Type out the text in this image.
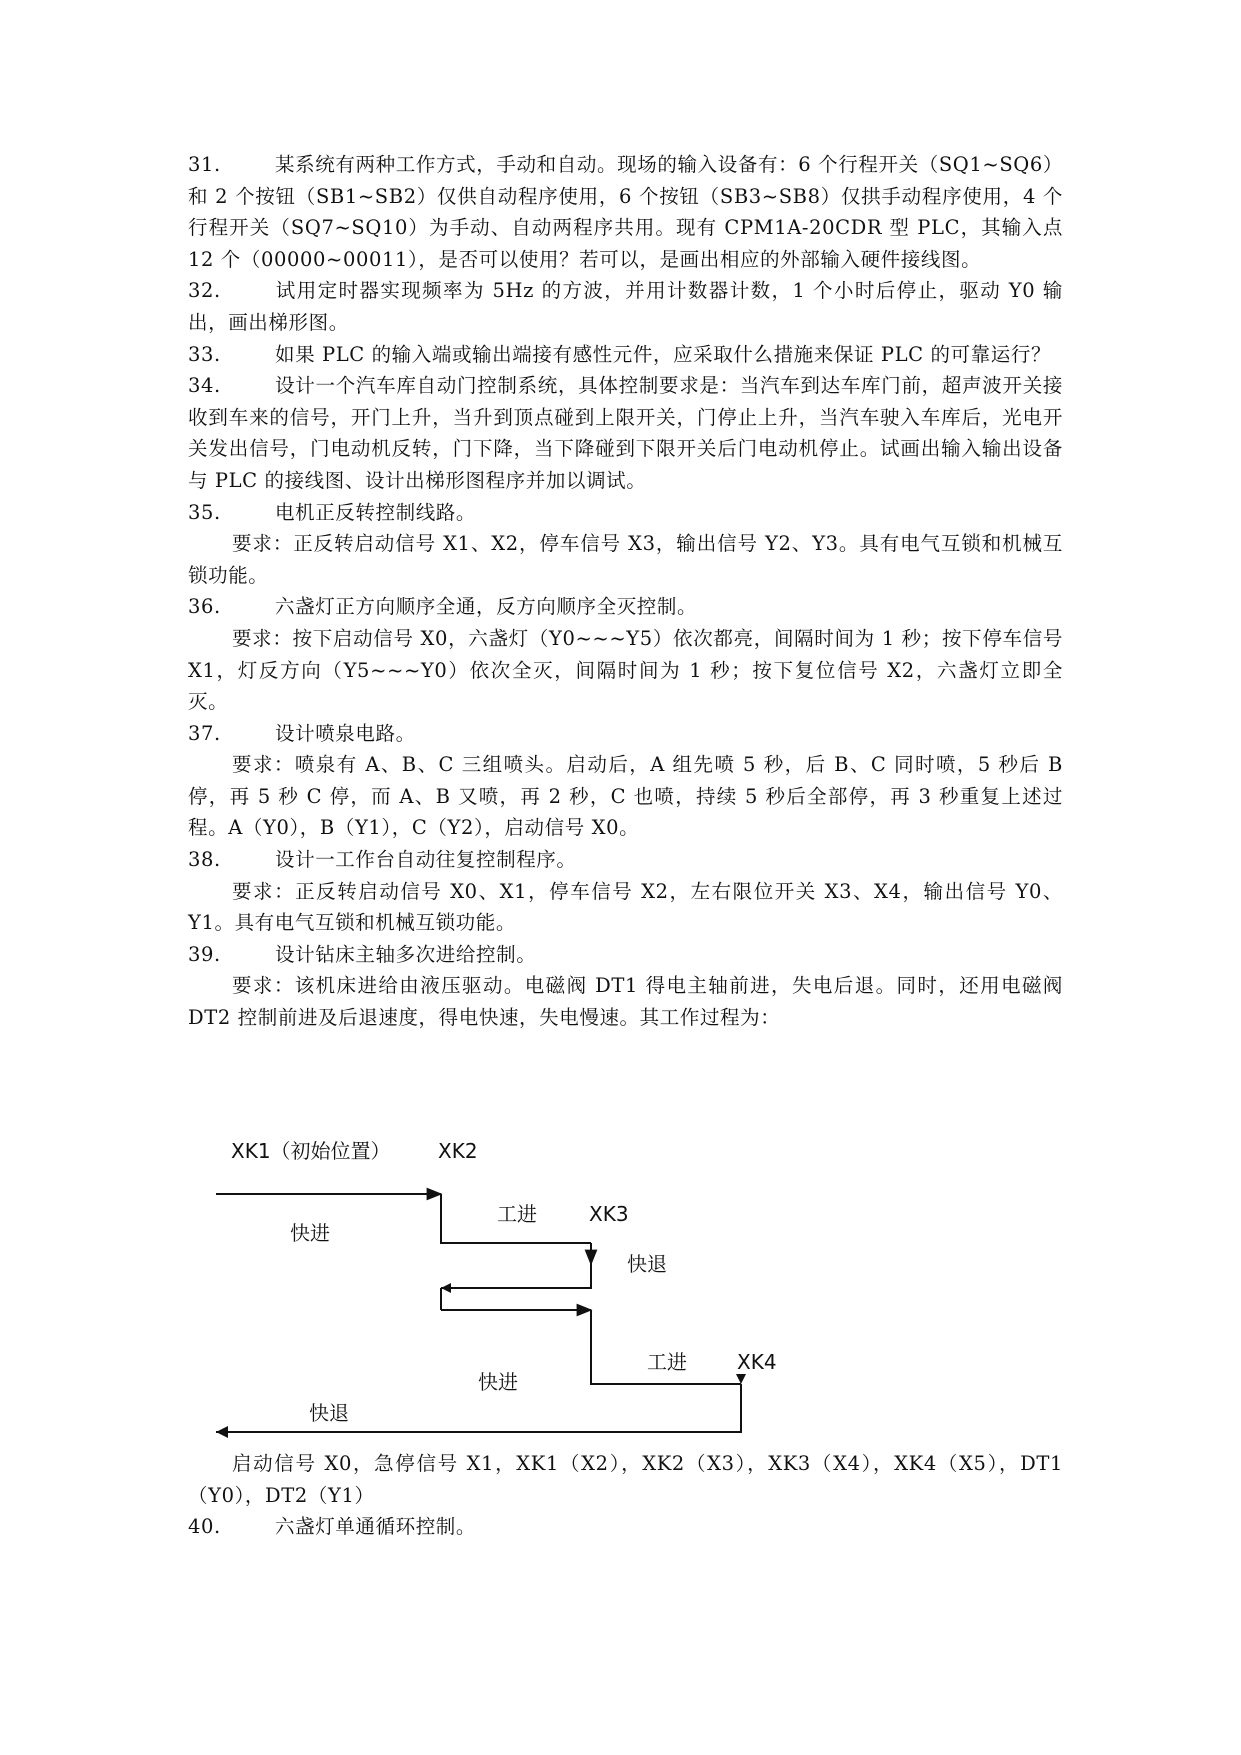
31.	某系统有两种工作方式，手动和自动。现场的输入设备有：6 个行程开关（SQ1~SQ6）和 2 个按钮（SB1~SB2）仅供自动程序使用，6 个按钮（SB3~SB8）仅拱手动程序使用，4 个行程开关（SQ7~SQ10）为手动、自动两程序共用。现有 CPM1A-20CDR 型 PLC，其输入点 12 个（00000~00011），是否可以使用？若可以，是画出相应的外部输入硬件接线图。

32.	试用定时器实现频率为 5Hz 的方波，并用计数器计数，1 个小时后停止，驱动 Y0 输出，画出梯形图。

33.	如果 PLC 的输入端或输出端接有感性元件，应采取什么措施来保证 PLC 的可靠运行？

34.	设计一个汽车库自动门控制系统，具体控制要求是：当汽车到达车库门前，超声波开关接收到车来的信号，开门上升，当升到顶点碰到上限开关，门停止上升，当汽车驶入车库后，光电开关发出信号，门电动机反转，门下降，当下降碰到下限开关后门电动机停止。试画出输入输出设备与 PLC 的接线图、设计出梯形图程序并加以调试。

35.	电机正反转控制线路。

要求：正反转启动信号 X1、X2，停车信号 X3，输出信号 Y2、Y3。具有电气互锁和机械互锁功能。

36.	六盏灯正方向顺序全通，反方向顺序全灭控制。

要求：按下启动信号 X0，六盏灯（Y0~~~Y5）依次都亮，间隔时间为 1 秒；按下停车信号 X1，灯反方向（Y5~~~Y0）依次全灭，间隔时间为 1 秒；按下复位信号 X2，六盏灯立即全灭。

37.	设计喷泉电路。

要求：喷泉有 A、B、C 三组喷头。启动后，A 组先喷 5 秒，后 B、C 同时喷，5 秒后 B 停，再 5 秒 C 停，而 A、B 又喷，再 2 秒，C 也喷，持续 5 秒后全部停，再 3 秒重复上述过程。A（Y0），B（Y1），C（Y2），启动信号 X0。

38.	设计一工作台自动往复控制程序。

要求：正反转启动信号 X0、X1，停车信号 X2，左右限位开关 X3、X4，输出信号 Y0、Y1。具有电气互锁和机械互锁功能。

39.	设计钻床主轴多次进给控制。

要求：该机床进给由液压驱动。电磁阀 DT1 得电主轴前进，失电后退。同时，还用电磁阀 DT2 控制前进及后退速度，得电快速，失电慢速。其工作过程为：

XK1（初始位置） XK2
工进	XK3
快进
快退
工进	XK4
快进
快退

启动信号 X0，急停信号 X1，XK1（X2），XK2（X3），XK3（X4），XK4（X5），DT1（Y0），DT2（Y1）

40.	六盏灯单通循环控制。
